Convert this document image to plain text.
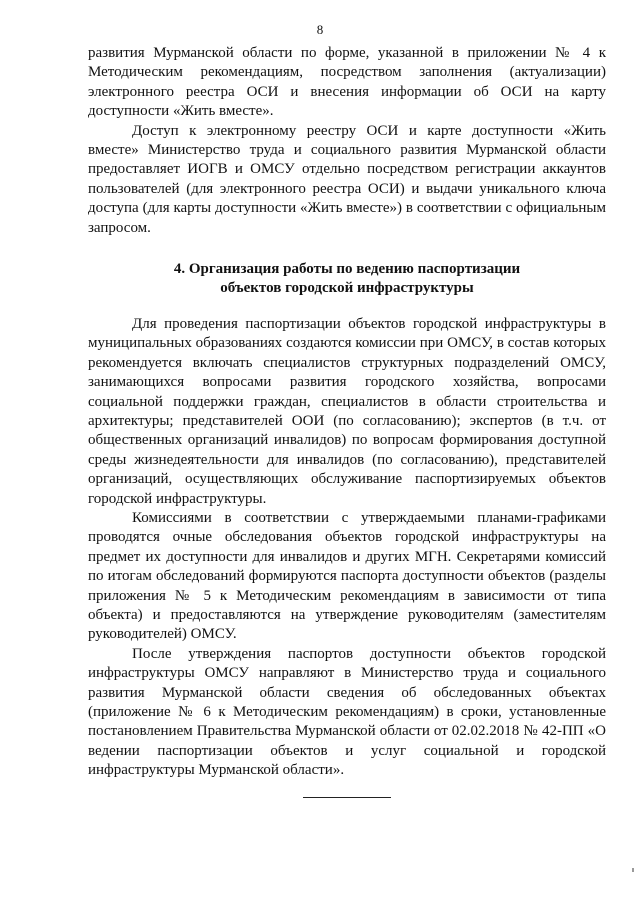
8

развития Мурманской области по форме, указанной в приложении № 4 к Методическим рекомендациям, посредством заполнения (актуализации) электронного реестра ОСИ и внесения информации об ОСИ на карту доступности «Жить вместе».

Доступ к электронному реестру ОСИ и карте доступности «Жить вместе» Министерство труда и социального развития Мурманской области предоставляет ИОГВ и ОМСУ отдельно посредством регистрации аккаунтов пользователей (для электронного реестра ОСИ) и выдачи уникального ключа доступа (для карты доступности «Жить вместе») в соответствии с официальным запросом.

4. Организация работы по ведению паспортизации
объектов городской инфраструктуры

Для проведения паспортизации объектов городской инфраструктуры в муниципальных образованиях создаются комиссии при ОМСУ, в состав которых рекомендуется включать специалистов структурных подразделений ОМСУ, занимающихся вопросами развития городского хозяйства, вопросами социальной поддержки граждан, специалистов в области строительства и архитектуры; представителей ООИ (по согласованию); экспертов (в т.ч. от общественных организаций инвалидов) по вопросам формирования доступной среды жизнедеятельности для инвалидов (по согласованию), представителей организаций, осуществляющих обслуживание паспортизируемых объектов городской инфраструктуры.

Комиссиями в соответствии с утверждаемыми планами-графиками проводятся очные обследования объектов городской инфраструктуры на предмет их доступности для инвалидов и других МГН. Секретарями комиссий по итогам обследований формируются паспорта доступности объектов (разделы приложения № 5 к Методическим рекомендациям в зависимости от типа объекта) и предоставляются на утверждение руководителям (заместителям руководителей) ОМСУ.

После утверждения паспортов доступности объектов городской инфраструктуры ОМСУ направляют в Министерство труда и социального развития Мурманской области сведения об обследованных объектах (приложение № 6 к Методическим рекомендациям) в сроки, установленные постановлением Правительства Мурманской области от 02.02.2018 № 42-ПП «О ведении паспортизации объектов и услуг социальной и городской инфраструктуры Мурманской области».
